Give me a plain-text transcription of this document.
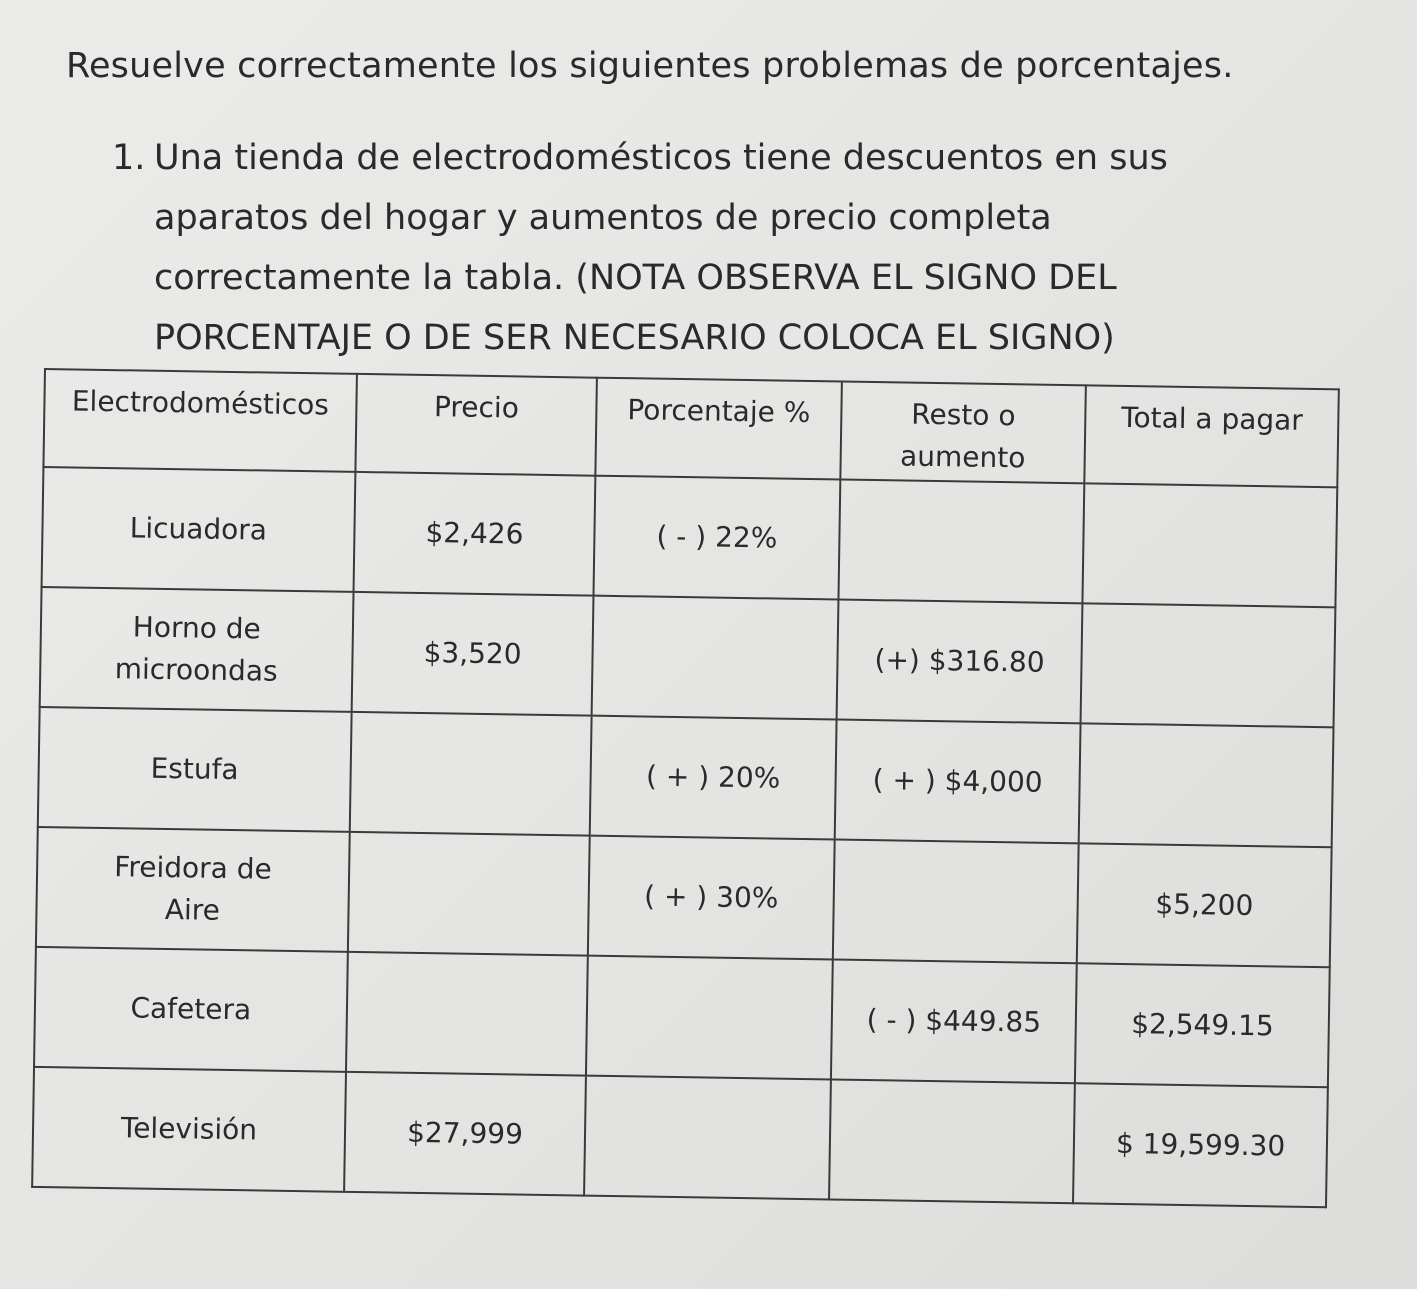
Resuelve correctamente los siguientes problemas de porcentajes.
1. Una tienda de electrodomésticos tiene descuentos en sus
aparatos del hogar y aumentos de precio completa
correctamente la tabla. (NOTA OBSERVA EL SIGNO DEL
PORCENTAJE O DE SER NECESARIO COLOCA EL SIGNO)
Electrodomésticos	Precio	Porcentaje %	Resto o
aumento	Total a pagar

Licuadora	$2,426	( - ) 22%		

Horno de
microondas	$3,520		(+) $316.80	

Estufa		( + ) 20%	( + ) $4,000	

Freidora de
Aire		( + ) 30%		$5,200

Cafetera			( - ) $449.85	$2,549.15

Televisión	$27,999			$ 19,599.30
